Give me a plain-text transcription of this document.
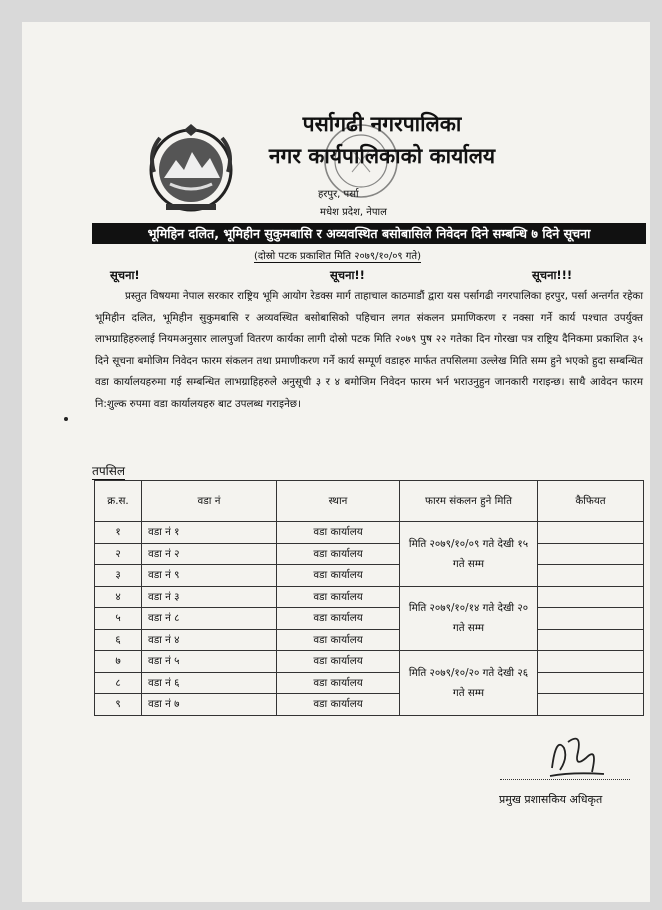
पर्सागढी नगरपालिका
नगर कार्यपालिकाको कार्यालय
हरपुर, पर्सा
मधेश प्रदेश, नेपाल
भूमिहिन दलित, भूमिहीन सुकुमबासि र अव्यवस्थित बसोबासिले निवेदन दिने सम्बन्धि ७ दिने सूचना
(दोस्रो पटक प्रकाशित मिति २०७९/१०/०९ गते)
सूचना!	सूचना!!	सूचना!!!

प्रस्तुत विषयमा नेपाल सरकार राष्ट्रिय भूमि आयोग रेडक्स मार्ग ताहाचाल काठमाडौं द्वारा यस पर्सागढी नगरपालिका हरपुर, पर्सा अन्तर्गत रहेका भूमिहीन दलित, भूमिहीन सुकुमबासि र अव्यवस्थित बसोबासिको पहिचान लगत संकलन प्रमाणिकरण र नक्सा गर्ने कार्य पश्चात उपर्युक्त लाभग्राहिहरुलाई नियमअनुसार लालपुर्जा वितरण कार्यका लागी दोस्रो पटक मिति २०७९ पुष २२ गतेका दिन गोरखा पत्र राष्ट्रिय दैनिकमा प्रकाशित ३५ दिने सूचना बमोजिम निवेदन फारम संकलन तथा प्रमाणीकरण गर्ने कार्य सम्पूर्ण वडाहरु मार्फत तपसिलमा उल्लेख मिति सम्म हुने भएको हुदा सम्बन्धित वडा कार्यालयहरुमा गई सम्बन्धित लाभग्राहिहरुले अनुसूची ३ र ४ बमोजिम निवेदन फारम भर्न भराउनुहुन जानकारी गराइन्छ। साथै आवेदन फारम नि:शुल्क रुपमा वडा कार्यालयहरु बाट उपलब्ध गराइनेछ।

तपसिल
क्र.स.	वडा नं	स्थान	फारम संकलन हुने मिति	कैफियत
१	वडा नं १	वडा कार्यालय	मिति २०७९/१०/०९ गते देखी १५ गते सम्म	
२	वडा नं २	वडा कार्यालय		
३	वडा नं ९	वडा कार्यालय		
४	वडा नं ३	वडा कार्यालय	मिति २०७९/१०/१४ गते देखी २० गते सम्म	
५	वडा नं ८	वडा कार्यालय		
६	वडा नं ४	वडा कार्यालय		
७	वडा नं ५	वडा कार्यालय	मिति २०७९/१०/२० गते देखी २६ गते सम्म	
८	वडा नं ६	वडा कार्यालय		
९	वडा नं ७	वडा कार्यालय		
प्रमुख प्रशासकिय अधिकृत
